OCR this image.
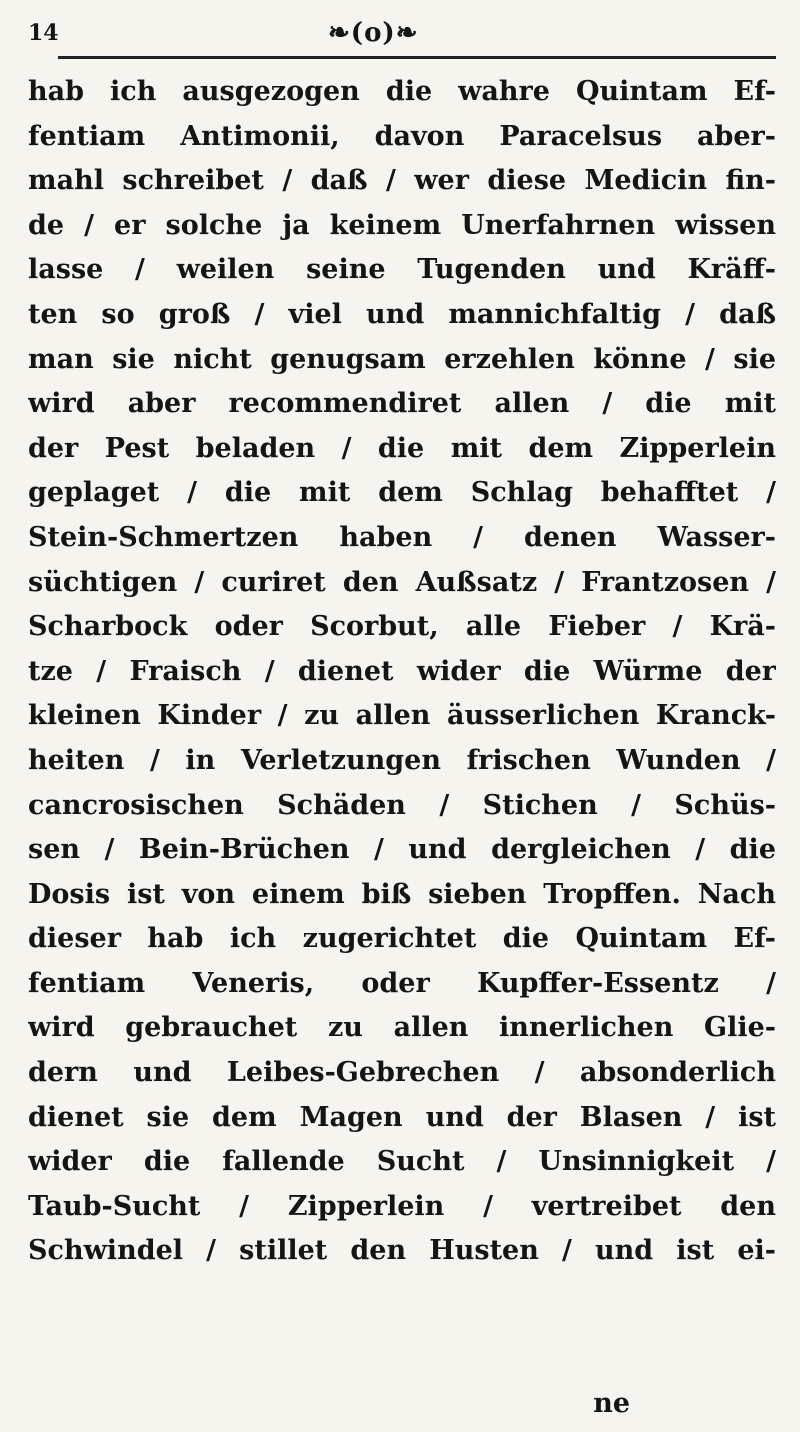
14	❧(o)❧
hab ich ausgezogen die wahre Quintam Ef-
fentiam Antimonii, davon Paracelsus aber-
mahl schreibet / daß / wer diese Medicin fin-
de / er solche ja keinem Unerfahrnen wissen
lasse / weilen seine Tugenden und Kräff-
ten so groß / viel und mannichfaltig / daß
man sie nicht genugsam erzehlen könne / sie
wird aber recommendiret allen / die mit
der Pest beladen / die mit dem Zipperlein
geplaget / die mit dem Schlag behafftet /
Stein-Schmertzen haben / denen Wasser-
süchtigen / curiret den Außsatz / Frantzosen /
Scharbock oder Scorbut, alle Fieber / Krä-
tze / Fraisch / dienet wider die Würme der
kleinen Kinder / zu allen äusserlichen Kranck-
heiten / in Verletzungen frischen Wunden /
cancrosischen Schäden / Stichen / Schüs-
sen / Bein-Brüchen / und dergleichen / die
Dosis ist von einem biß sieben Tropffen. Nach
dieser hab ich zugerichtet die Quintam Ef-
fentiam Veneris, oder Kupffer-Essentz /
wird gebrauchet zu allen innerlichen Glie-
dern und Leibes-Gebrechen / absonderlich
dienet sie dem Magen und der Blasen / ist
wider die fallende Sucht / Unsinnigkeit /
Taub-Sucht / Zipperlein / vertreibet den
Schwindel / stillet den Husten / und ist ei-
ne
